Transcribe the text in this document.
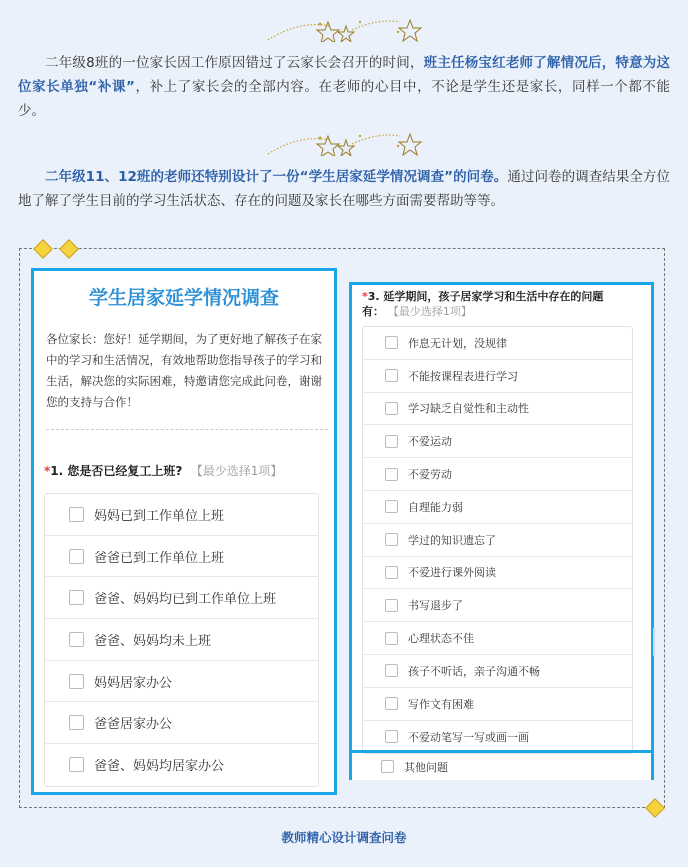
二年级8班的一位家长因工作原因错过了云家长会召开的时间，班主任杨宝红老师了解情况后，特意为这位家长单独“补课”，补上了家长会的全部内容。在老师的心目中，不论是学生还是家长，同样一个都不能少。
二年级11、12班的老师还特别设计了一份“学生居家延学情况调查”的问卷。通过问卷的调查结果全方位地了解了学生目前的学习生活状态、存在的问题及家长在哪些方面需要帮助等等。
学生居家延学情况调查
各位家长：您好！延学期间，为了更好地了解孩子在家中的学习和生活情况，有效地帮助您指导孩子的学习和生活，解决您的实际困难，特邀请您完成此问卷，谢谢您的支持与合作！
*1. 您是否已经复工上班? 【最少选择1项】
妈妈已到工作单位上班
爸爸已到工作单位上班
爸爸、妈妈均已到工作单位上班
爸爸、妈妈均未上班
妈妈居家办公
爸爸居家办公
爸爸、妈妈均居家办公
*3. 延学期间，孩子居家学习和生活中存在的问题有： 【最少选择1项】
作息无计划，没规律
不能按课程表进行学习
学习缺乏自觉性和主动性
不爱运动
不爱劳动
自理能力弱
学过的知识遗忘了
不爱进行课外阅读
书写退步了
心理状态不佳
孩子不听话，亲子沟通不畅
写作文有困难
不爱动笔写一写或画一画
其他问题
教师精心设计调查问卷
